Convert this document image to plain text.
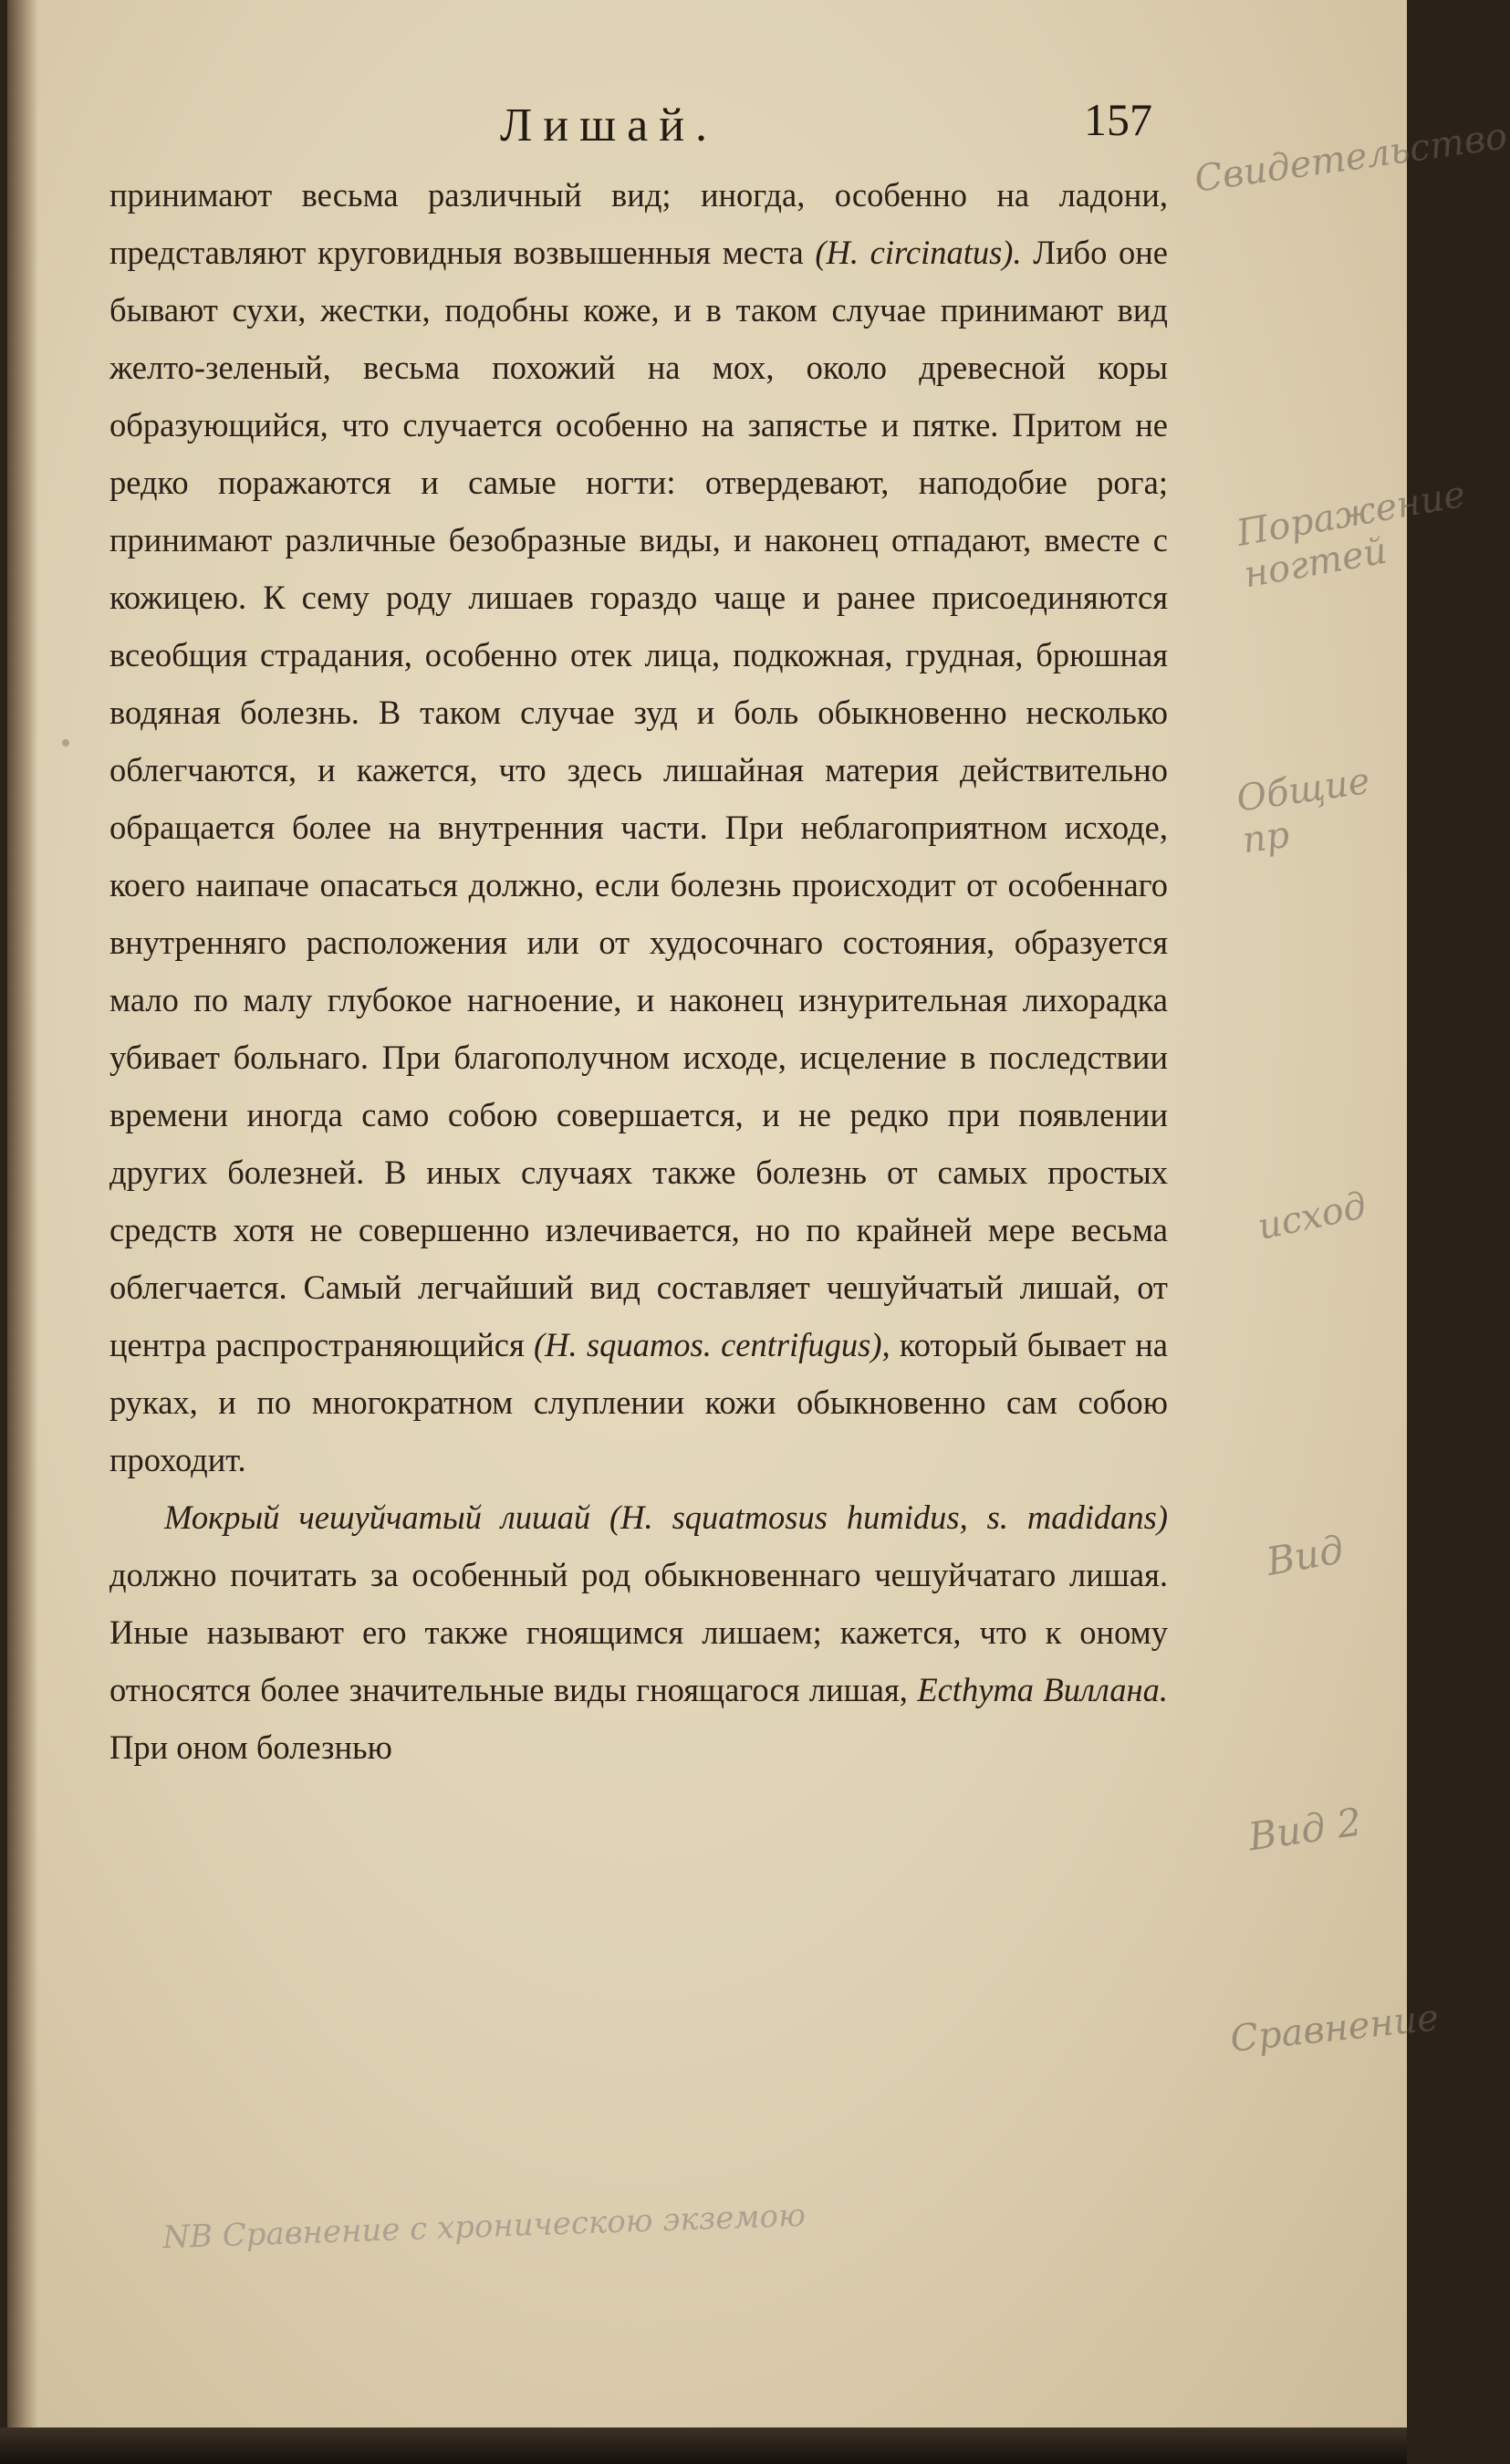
Лишай.	157

принимают весьма различный вид; иногда, особенно на ладони, представляют круговидныя возвышенныя места (H. circinatus). Либо оне бывают сухи, жестки, подобны коже, и в таком случае принимают вид желто-зеленый, весьма похожий на мох, около древесной коры образующийся, что случается особенно на запястье и пятке. Притом не редко поражаются и самые ногти: отвердевают, наподобие рога; принимают различные безобразные виды, и наконец отпадают, вместе с кожицею. К сему роду лишаев гораздо чаще и ранее присоединяются всеобщия страдания, особенно отек лица, подкожная, грудная, брюшная водяная болезнь. В таком случае зуд и боль обыкновенно несколько облегчаются, и кажется, что здесь лишайная материя действительно обращается более на внутренния части. При неблагоприятном исходе, коего наипаче опасаться должно, если болезнь происходит от особеннаго внутренняго расположения или от худосочнаго состояния, образуется мало по малу глубокое нагноение, и наконец изнурительная лихорадка убивает больнаго. При благополучном исходе, исцеление в последствии времени иногда само собою совершается, и не редко при появлении других болезней. В иных случаях также болезнь от самых простых средств хотя не совершенно излечивается, но по крайней мере весьма облегчается. Самый легчайший вид составляет чешуйчатый лишай, от центра распространяющийся (H. squamos. centrifugus), который бывает на руках, и по многократном слуплении кожи обыкновенно сам собою проходит.

Мокрый чешуйчатый лишай (H. squatmosus humidus, s. madidans) должно почитать за особенный род обыкновеннаго чешуйчатаго лишая. Иные называют его также гноящимся лишаем; кажется, что к оному относятся более значительные виды гноящагося лишая, Ecthyma Виллана. При оном болезнью

Свидетельство
Поражение ногтей
Общие пр
исход
Вид
Вид 2
Сравнение
NB Сравнение с хроническою экземою
